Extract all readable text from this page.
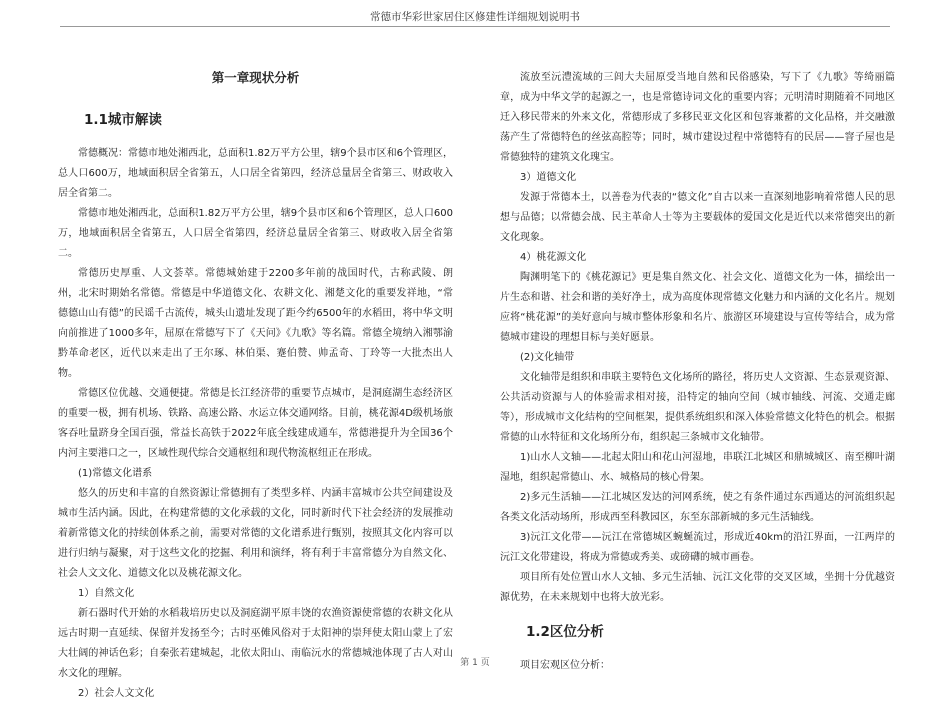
常德市华彩世家居住区修建性详细规划说明书
第一章现状分析
1.1城市解读

常德概况：常德市地处湘西北，总面积1.82万平方公里，辖9个县市区和6个管理区，总人口600万，地域面积居全省第五，人口居全省第四，经济总量居全省第三、财政收入居全省第二。

常德市地处湘西北，总面积1.82万平方公里，辖9个县市区和6个管理区，总人口600万，地域面积居全省第五，人口居全省第四，经济总量居全省第三、财政收入居全省第二。

常德历史厚重、人文荟萃。常德城始建于2200多年前的战国时代，古称武陵、朗州，北宋时期始名常德。常德是中华道德文化、农耕文化、湘楚文化的重要发祥地，“常德德山山有德”的民谣千古流传，城头山遗址发现了距今约6500年的水稻田，将中华文明向前推进了1000多年，屈原在常德写下了《天问》《九歌》等名篇。常德全境纳入湘鄂渝黔革命老区，近代以来走出了王尔琢、林伯渠、蹇伯赞、帅孟奇、丁玲等一大批杰出人物。

常德区位优越、交通便捷。常德是长江经济带的重要节点城市，是洞庭湖生态经济区的重要一极，拥有机场、铁路、高速公路、水运立体交通网络。目前，桃花源4D级机场旅客吞吐量跻身全国百强，常益长高铁于2022年底全线建成通车，常德港提升为全国36个内河主要港口之一，区域性现代综合交通枢纽和现代物流枢纽正在形成。

(1)常德文化谱系

悠久的历史和丰富的自然资源让常德拥有了类型多样、内涵丰富城市公共空间建设及城市生活内涵。因此，在构建常德的文化承载的文化，同时新时代下社会经济的发展推动着新常德文化的持续创体系之前，需要对常德的文化谱系进行甄别，按照其文化内容可以进行归纳与凝聚，对于这些文化的挖掘、利用和演绎，将有利于丰富常德分为自然文化、社会人文文化、道德文化以及桃花源文化。

1）自然文化

新石器时代开始的水稻栽培历史以及洞庭湖平原丰饶的农渔资源使常德的农耕文化从远古时期一直延续、保留并发扬至今；古时巫傩风俗对于太阳神的崇拜使太阳山蒙上了宏大壮阔的神话色彩；自秦张若建城起，北依太阳山、南临沅水的常德城池体现了古人对山水文化的理解。

2）社会人文文化

流放至沅澧流域的三闾大夫屈原受当地自然和民俗感染，写下了《九歌》等绮丽篇章，成为中华文学的起源之一，也是常德诗词文化的重要内容；元明清时期随着不同地区迁入移民带来的外来文化，常德形成了多移民亚文化区和包容兼蓄的文化品格，并交融激荡产生了常德特色的丝弦高腔等；同时，城市建设过程中常德特有的民居——窨子屋也是常德独特的建筑文化瑰宝。

3）道德文化

发源于常德本土，以善卷为代表的“德文化”自古以来一直深刻地影响着常德人民的思想与品德；以常德会战、民主革命人士等为主要载体的爱国文化是近代以来常德突出的新文化现象。

4）桃花源文化

陶渊明笔下的《桃花源记》更是集自然文化、社会文化、道德文化为一体，描绘出一片生态和谐、社会和谐的美好净土，成为高度体现常德文化魅力和内涵的文化名片。规划应将“桃花源”的美好意向与城市整体形象和名片、旅游区环境建设与宣传等结合，成为常德城市建设的理想目标与美好愿景。

(2)文化轴带

文化轴带是组织和串联主要特色文化场所的路径，将历史人文资源、生态景观资源、公共活动资源与人的体验需求相对接，沿特定的轴向空间（城市轴线、河流、交通走廊等），形成城市文化结构的空间框架，提供系统组织和深入体验常德文化特色的机会。根据常德的山水特征和文化场所分布，组织起三条城市文化轴带。

1)山水人文轴——北起太阳山和花山河湿地，串联江北城区和鼎城城区、南至柳叶湖湿地，组织起常德山、水、城格局的核心骨架。

2)多元生活轴——江北城区发达的河网系统，使之有条件通过东西通达的河流组织起各类文化活动场所，形成西至科教园区，东至东部新城的多元生活轴线。

3)沅江文化带——沅江在常德城区蜿蜒流过，形成近40km的沿江界面，一江两岸的沅江文化带建设，将成为常德或秀美、或磅礴的城市画卷。

项目所有处位置山水人文轴、多元生活轴、沅江文化带的交叉区域，坐拥十分优越资源优势，在未来规划中也将大放光彩。

1.2区位分析

项目宏观区位分析：

第 1 页
